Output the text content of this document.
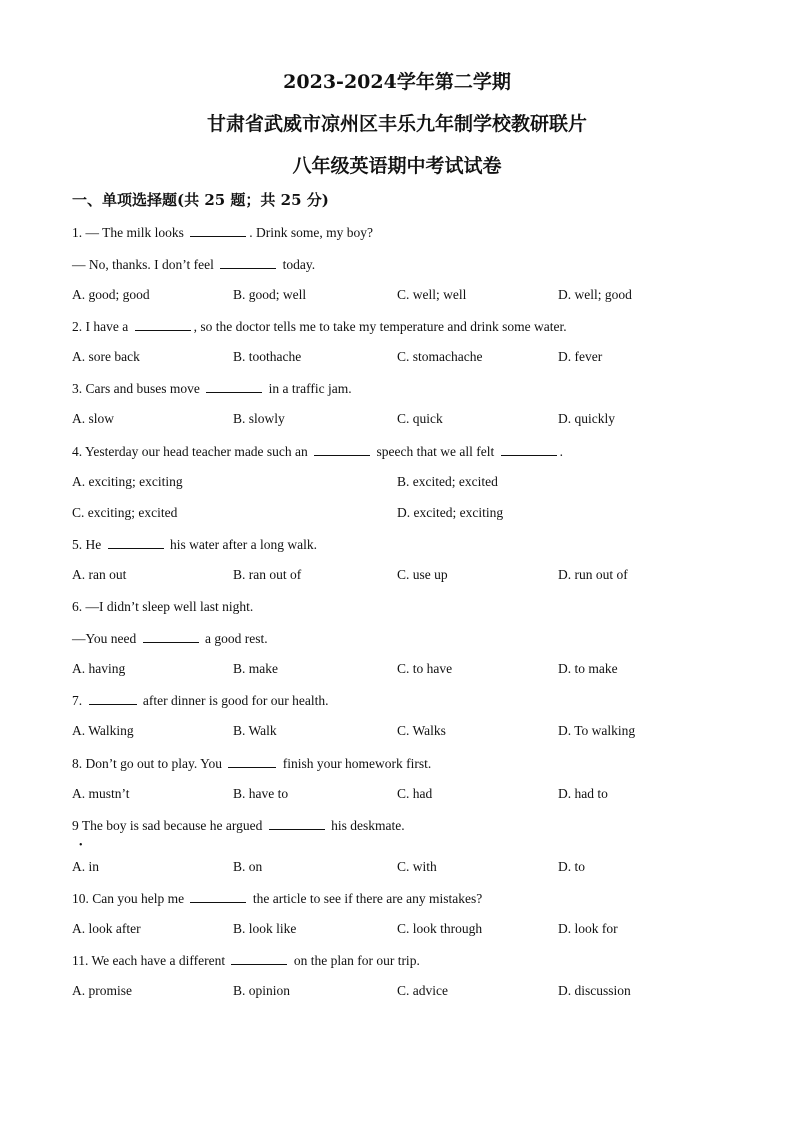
2023-2024学年第二学期
甘肃省武威市凉州区丰乐九年制学校教研联片
八年级英语期中考试试卷
一、单项选择题(共 25 题；共 25 分)
1. — The milk looks	. Drink some, my boy?
— No, thanks. I don’t feel	today.
A. good; good	B. good; well	C. well; well	D. well; good
2. I have a	, so the doctor tells me to take my temperature and drink some water.
A. sore back	B. toothache	C. stomachache	D. fever
3. Cars and buses move	in a traffic jam.
A. slow	B. slowly	C. quick	D. quickly
4. Yesterday our head teacher made such an	speech that we all felt	.
A. exciting; exciting	B. excited; excited
C. exciting; excited	D. excited; exciting
5. He	his water after a long walk.
A. ran out	B. ran out of	C. use up	D. run out of
6. —I didn’t sleep well last night.
—You need	a good rest.
A. having	B. make	C. to have	D. to make
7.	after dinner is good for our health.
A. Walking	B. Walk	C. Walks	D. To walking
8. Don’t go out to play. You	finish your homework first.
A. mustn’t	B. have to	C. had	D. had to
9 The boy is sad because he argued	his deskmate.
•
A. in	B. on	C. with	D. to
10. Can you help me	the article to see if there are any mistakes?
A. look after	B. look like	C. look through	D. look for
11. We each have a different	on the plan for our trip.
A. promise	B. opinion	C. advice	D. discussion
